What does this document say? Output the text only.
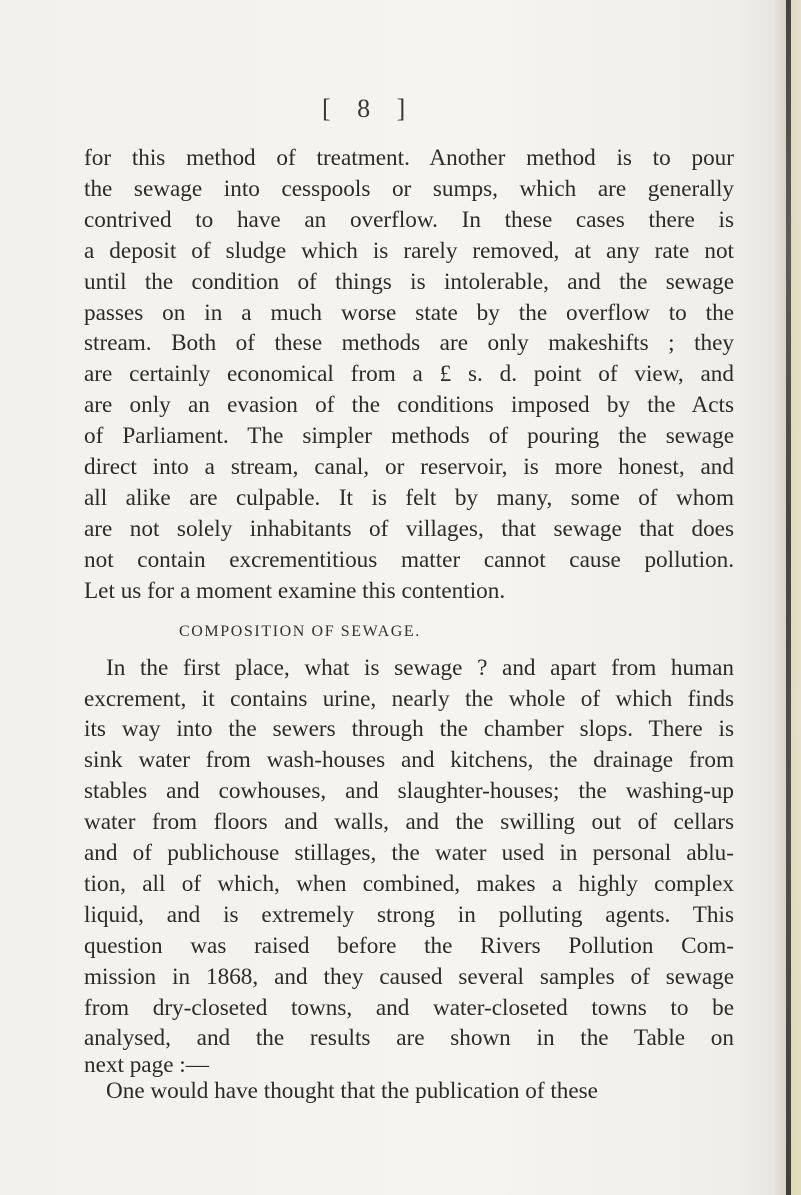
[ 8 ]
for this method of treatment. Another method is to pour
the sewage into cesspools or sumps, which are generally
contrived to have an overflow. In these cases there is
a deposit of sludge which is rarely removed, at any rate not
until the condition of things is intolerable, and the sewage
passes on in a much worse state by the overflow to the
stream. Both of these methods are only makeshifts ; they
are certainly economical from a £ s. d. point of view, and
are only an evasion of the conditions imposed by the Acts
of Parliament. The simpler methods of pouring the sewage
direct into a stream, canal, or reservoir, is more honest, and
all alike are culpable. It is felt by many, some of whom
are not solely inhabitants of villages, that sewage that does
not contain excrementitious matter cannot cause pollution.
Let us for a moment examine this contention.
COMPOSITION OF SEWAGE.
In the first place, what is sewage ? and apart from human
excrement, it contains urine, nearly the whole of which finds
its way into the sewers through the chamber slops. There is
sink water from wash-houses and kitchens, the drainage from
stables and cowhouses, and slaughter-houses; the washing-up
water from floors and walls, and the swilling out of cellars
and of publichouse stillages, the water used in personal ablu-
tion, all of which, when combined, makes a highly complex
liquid, and is extremely strong in polluting agents. This
question was raised before the Rivers Pollution Com-
mission in 1868, and they caused several samples of sewage
from dry-closeted towns, and water-closeted towns to be
analysed, and the results are shown in the Table on
next page :—
One would have thought that the publication of these
